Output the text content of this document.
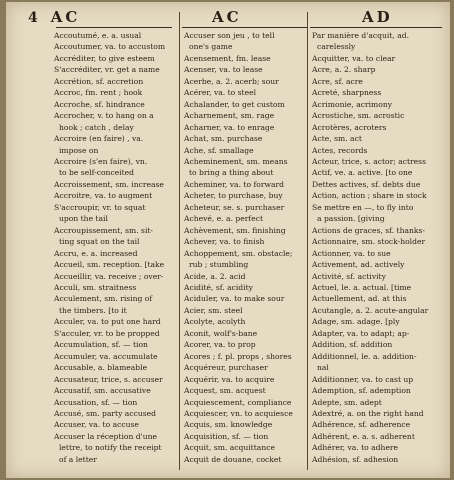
4 AC	AC	AD
Accoutumé, e. a. usual
Accoutumer, va. to accustom
Accréditer, to give esteem
S'accréditer, vr. get a name
Accrétion, sf. accretion
Accroc, fm. rent ; hook
Accroche, sf. hindrance
Accrocher, v. to hang on a
hook ; catch , delay
Accroire (en faire) , va.
impose on
Accroire (s'en faire), vn.
to be self-conceited
Accroissement, sm. increase
Accroitre, va. to augment
S'accroupir, vr. to squat
upon the tail
Accroupissement, sm. sit-
ting squat on the tail
Accru, e. a. increased
Accueil, sm. reception. [take
Accueillir, va. receive ; over-
Acculi, sm. straitness
Acculement, sm. rising of
the timbers. [to it
Acculer, va. to put one hard
S'acculer, vr. to be propped
Accumulation, sf. — tion
Accumuler, va. accumulate
Accusable, a. blameable
Accusateur, trice, s. accuser
Accusatif, sm. accusative
Accusation, sf. — tion
Accusé, sm. party accused
Accuser, va. to accuse
Accuser la réception d'une
lettre, to notify the receipt
of a letter
Accuser son jeu , to tell
one's game
Acensement, fm. lease
Acenser, va. to lease
Acerbe, a. 2. acerb; sour
Acérer, va. to steel
Achalander, to get custom
Acharnement, sm. rage
Acharner, va. to enrage
Achat, sm. purchase
Ache, sf. smallage
Acheminement, sm. means
to bring a thing about
Acheminer, va. to forward
Acheter, to purchase, buy
Acheteur, se. s. purchaser
Achevé, e. a. perfect
Achèvement, sm. finishing
Achever, va. to finish
Achoppement, sm. obstacle;
rub ; stumbling
Acide, a. 2. acid
Acidité, sf. acidity
Aciduler, va. to make sour
Acier, sm. steel
Acolyte, acolyth
Aconit, wolf's-bane
Acorer, va. to prop
Acores ; f. pl. props , shores
Acquéreur, purchaser
Acquérir, va. to acquire
Acquest, sm. acquest
Acquiescement, compliance
Acquiescer, vn. to acquiesce
Acquis, sm. knowledge
Acquisition, sf. — tion
Acquit, sm. acquittance
Acquit de douane, cocket
Par manière d'acquit, ad.
carelessly
Acquitter, va. to clear
Acre, a. 2. sharp
Acre, sf. acre
Acreté, sharpness
Acrimonie, acrimony
Acrostiche, sm. acrostic
Acrotères, acroters
Acte, sm. act
Actes, records
Acteur, trice, s. actor; actress
Actif, ve. a. active. [to one
Dettes actives, sf. debts due
Action, action ; share in stock
Se mettre en —, to fly into
a passion. [giving
Actions de graces, sf. thanks-
Actionnaire, sm. stock-holder
Actionner, va. to sue
Activement, ad. actively
Activité, sf. activity
Actuel, le. a. actual. [time
Actuellement, ad. at this
Acutangle, a. 2. acute-angular
Adage, sm. adage. [ply
Adapter, va. to adapt; ap-
Addition, sf. addition
Additionnel, le. a. addition-
nal
Additionner, va. to cast up
Ademption, sf. ademption
Adepte, sm. adept
Adextré, a. on the right hand
Adhérence, sf. adherence
Adhérent, e. a. s. adherent
Adhérer, va. to adhere
Adhésion, sf. adhesion
